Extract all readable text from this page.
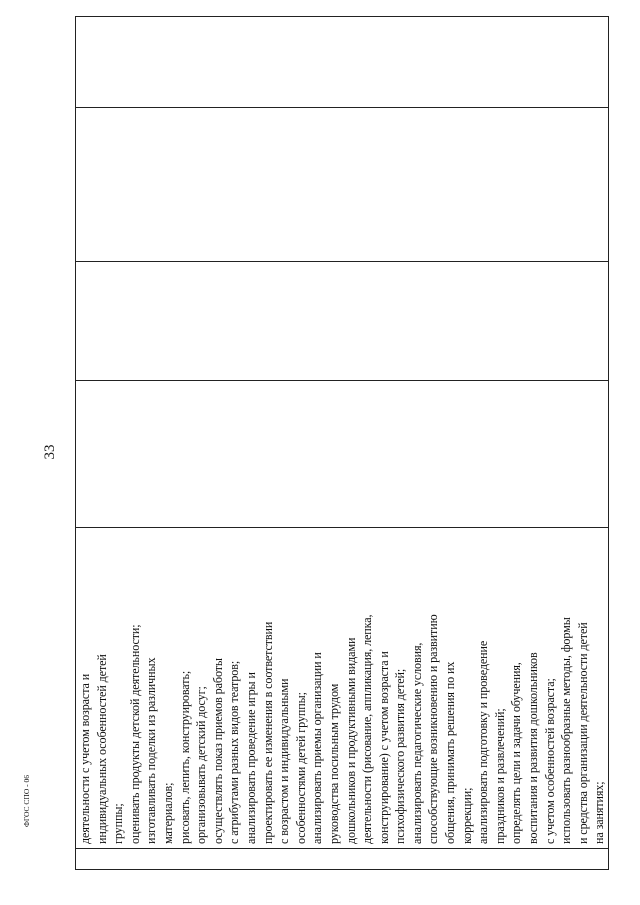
деятельности с учетом возраста и индивидуальных особенностей детей группы; оценивать продукты детской деятельности; изготавливать поделки из различных материалов; рисовать, лепить, конструировать; организовывать детский досуг; осуществлять показ приемов работы с атрибутами разных видов театров; анализировать проведение игры и проектировать ее изменения в соответствии с возрастом и индивидуальными особенностями детей группы; анализировать приемы организации и руководства посильным трудом дошкольников и продуктивными видами деятельности (рисование, аппликация, лепка, конструирование) с учетом возраста и психофизического развития детей; анализировать педагогические условия, способствующие возникновению и развитию общения, принимать решения по их коррекции; анализировать подготовку и проведение праздников и развлечений; определять цели и задачи обучения, воспитания и развития дошкольников с учетом особенностей возраста; использовать разнообразные методы, формы и средства организации деятельности детей на занятиях;

33
ФГОС СПО - 06
